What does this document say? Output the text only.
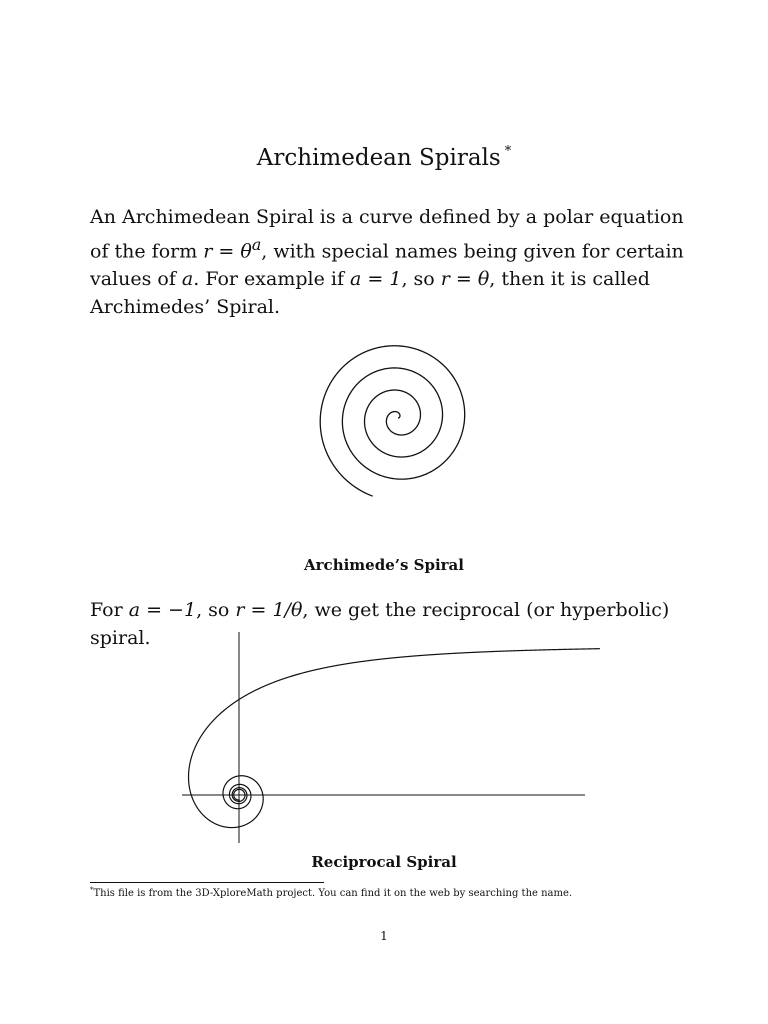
Archimedean Spirals *

An Archimedean Spiral is a curve defined by a polar equation of the form $r = \theta^a$, with special names being given for certain values of a. For example if a = 1, so r = θ, then it is called Archimedes’ Spiral.

Archimede’s Spiral

For a = −1, so r = 1/θ, we get the reciprocal (or hyperbolic) spiral.

Reciprocal Spiral
*This file is from the 3D-XploreMath project. You can find it on the web by searching the name.
1
